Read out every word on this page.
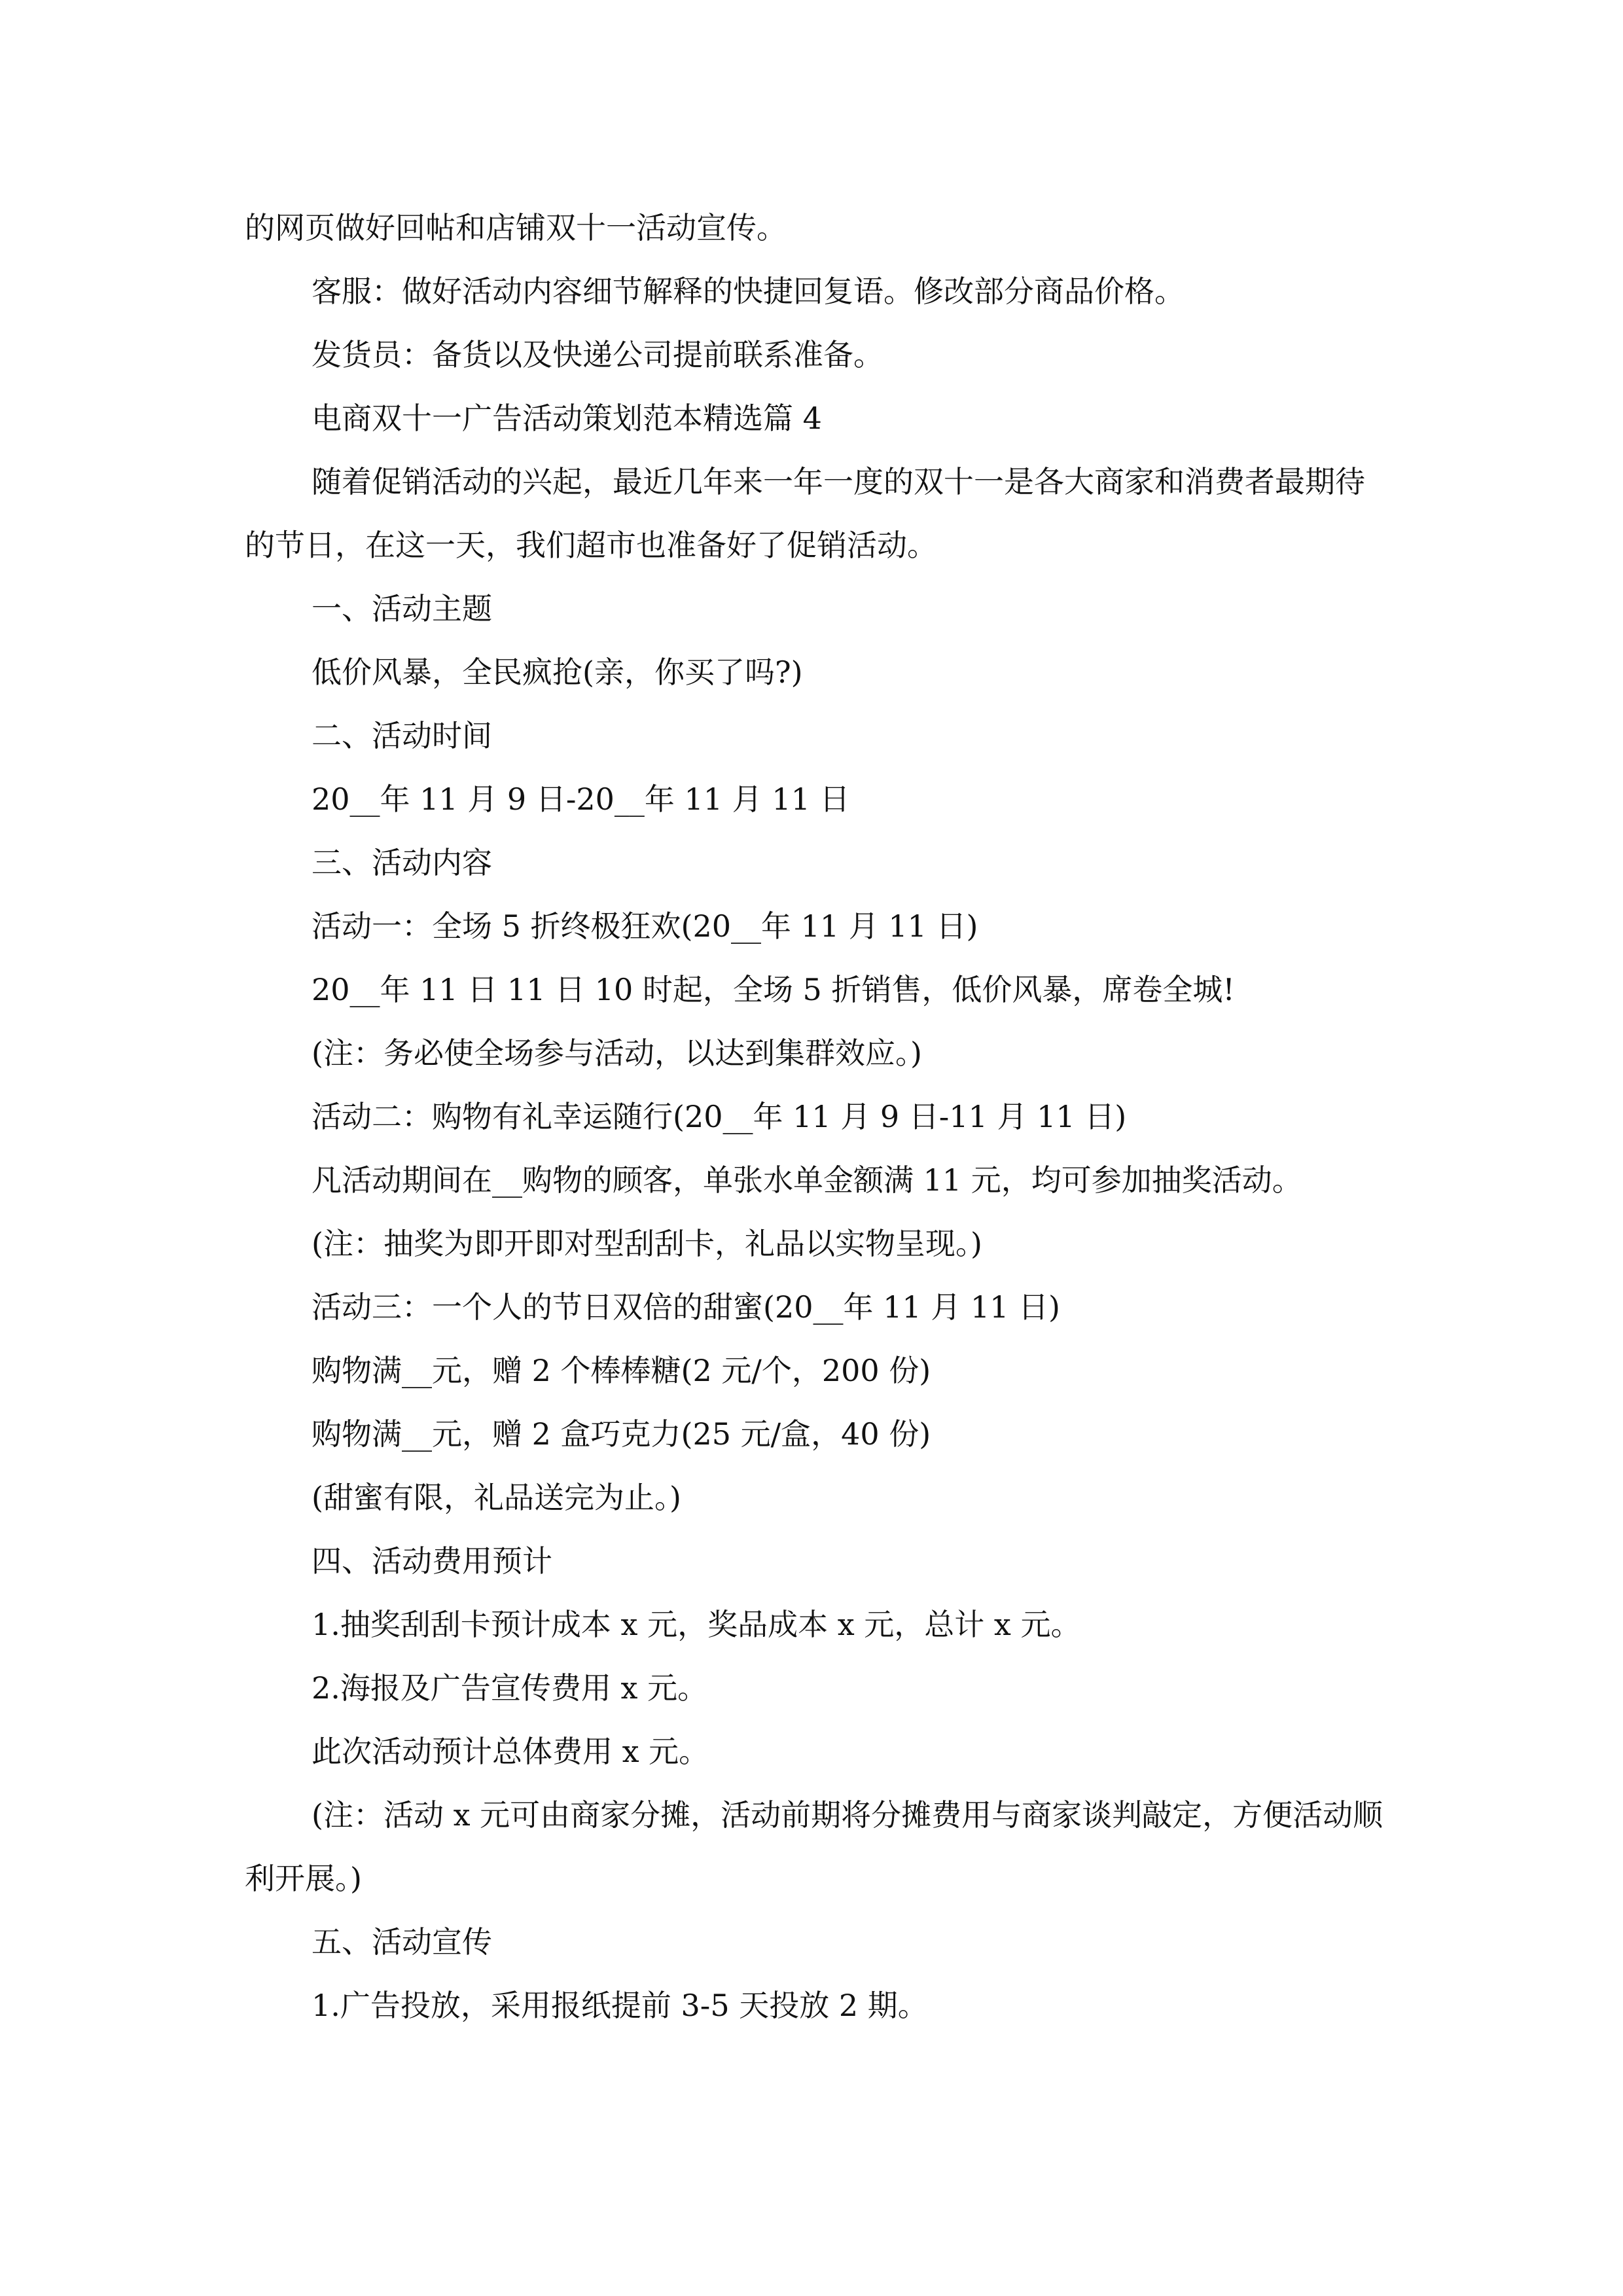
的网页做好回帖和店铺双十一活动宣传。

客服：做好活动内容细节解释的快捷回复语。修改部分商品价格。

发货员：备货以及快递公司提前联系准备。

电商双十一广告活动策划范本精选篇 4

随着促销活动的兴起，最近几年来一年一度的双十一是各大商家和消费者最期待的节日，在这一天，我们超市也准备好了促销活动。

一、活动主题

低价风暴，全民疯抢(亲，你买了吗?)

二、活动时间

20__年 11 月 9 日-20__年 11 月 11 日

三、活动内容

活动一：全场 5 折终极狂欢(20__年 11 月 11 日)

20__年 11 日 11 日 10 时起，全场 5 折销售，低价风暴，席卷全城!

(注：务必使全场参与活动，以达到集群效应。)

活动二：购物有礼幸运随行(20__年 11 月 9 日-11 月 11 日)

凡活动期间在__购物的顾客，单张水单金额满 11 元，均可参加抽奖活动。

(注：抽奖为即开即对型刮刮卡，礼品以实物呈现。)

活动三：一个人的节日双倍的甜蜜(20__年 11 月 11 日)

购物满__元，赠 2 个棒棒糖(2 元/个，200 份)

购物满__元，赠 2 盒巧克力(25 元/盒，40 份)

(甜蜜有限，礼品送完为止。)

四、活动费用预计

1.抽奖刮刮卡预计成本 x 元，奖品成本 x 元，总计 x 元。

2.海报及广告宣传费用 x 元。

此次活动预计总体费用 x 元。

(注：活动 x 元可由商家分摊，活动前期将分摊费用与商家谈判敲定，方便活动顺利开展。)

五、活动宣传

1.广告投放，采用报纸提前 3-5 天投放 2 期。
